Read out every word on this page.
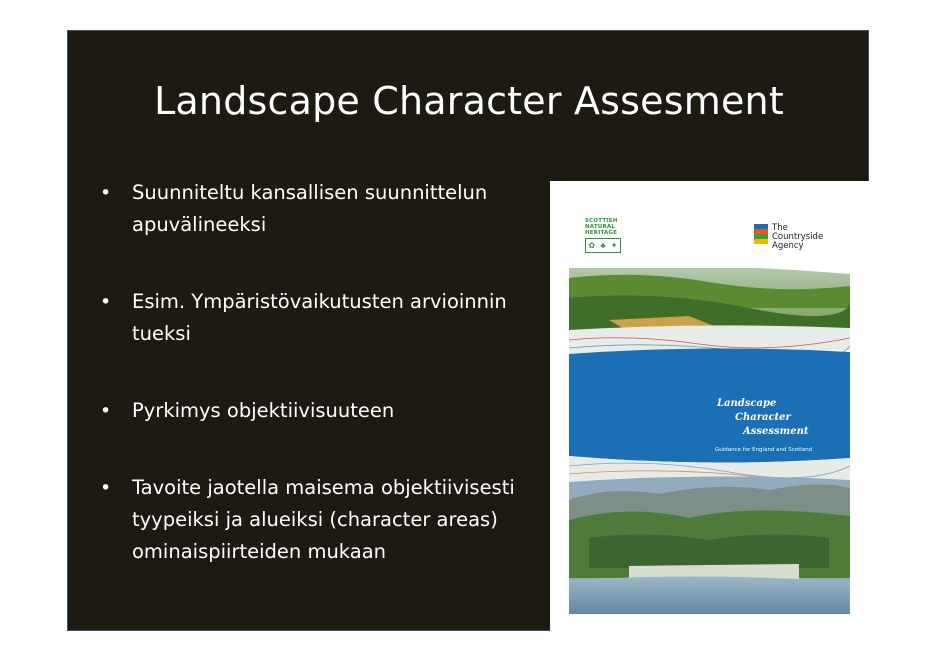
Landscape Character Assesment
•	Suunniteltu kansallisen suunnittelun apuvälineeksi
•	Esim. Ympäristövaikutusten arvioinnin tueksi
•	Pyrkimys objektiivisuuteen
•	Tavoite jaotella maisema objektiivisesti tyypeiksi ja alueiksi (character areas) ominaispiirteiden mukaan
SCOTTISH NATURAL HERITAGE
✿ ♣ ✦
The Countryside Agency
Landscape
Character
Assessment
Guidance for England and Scotland
